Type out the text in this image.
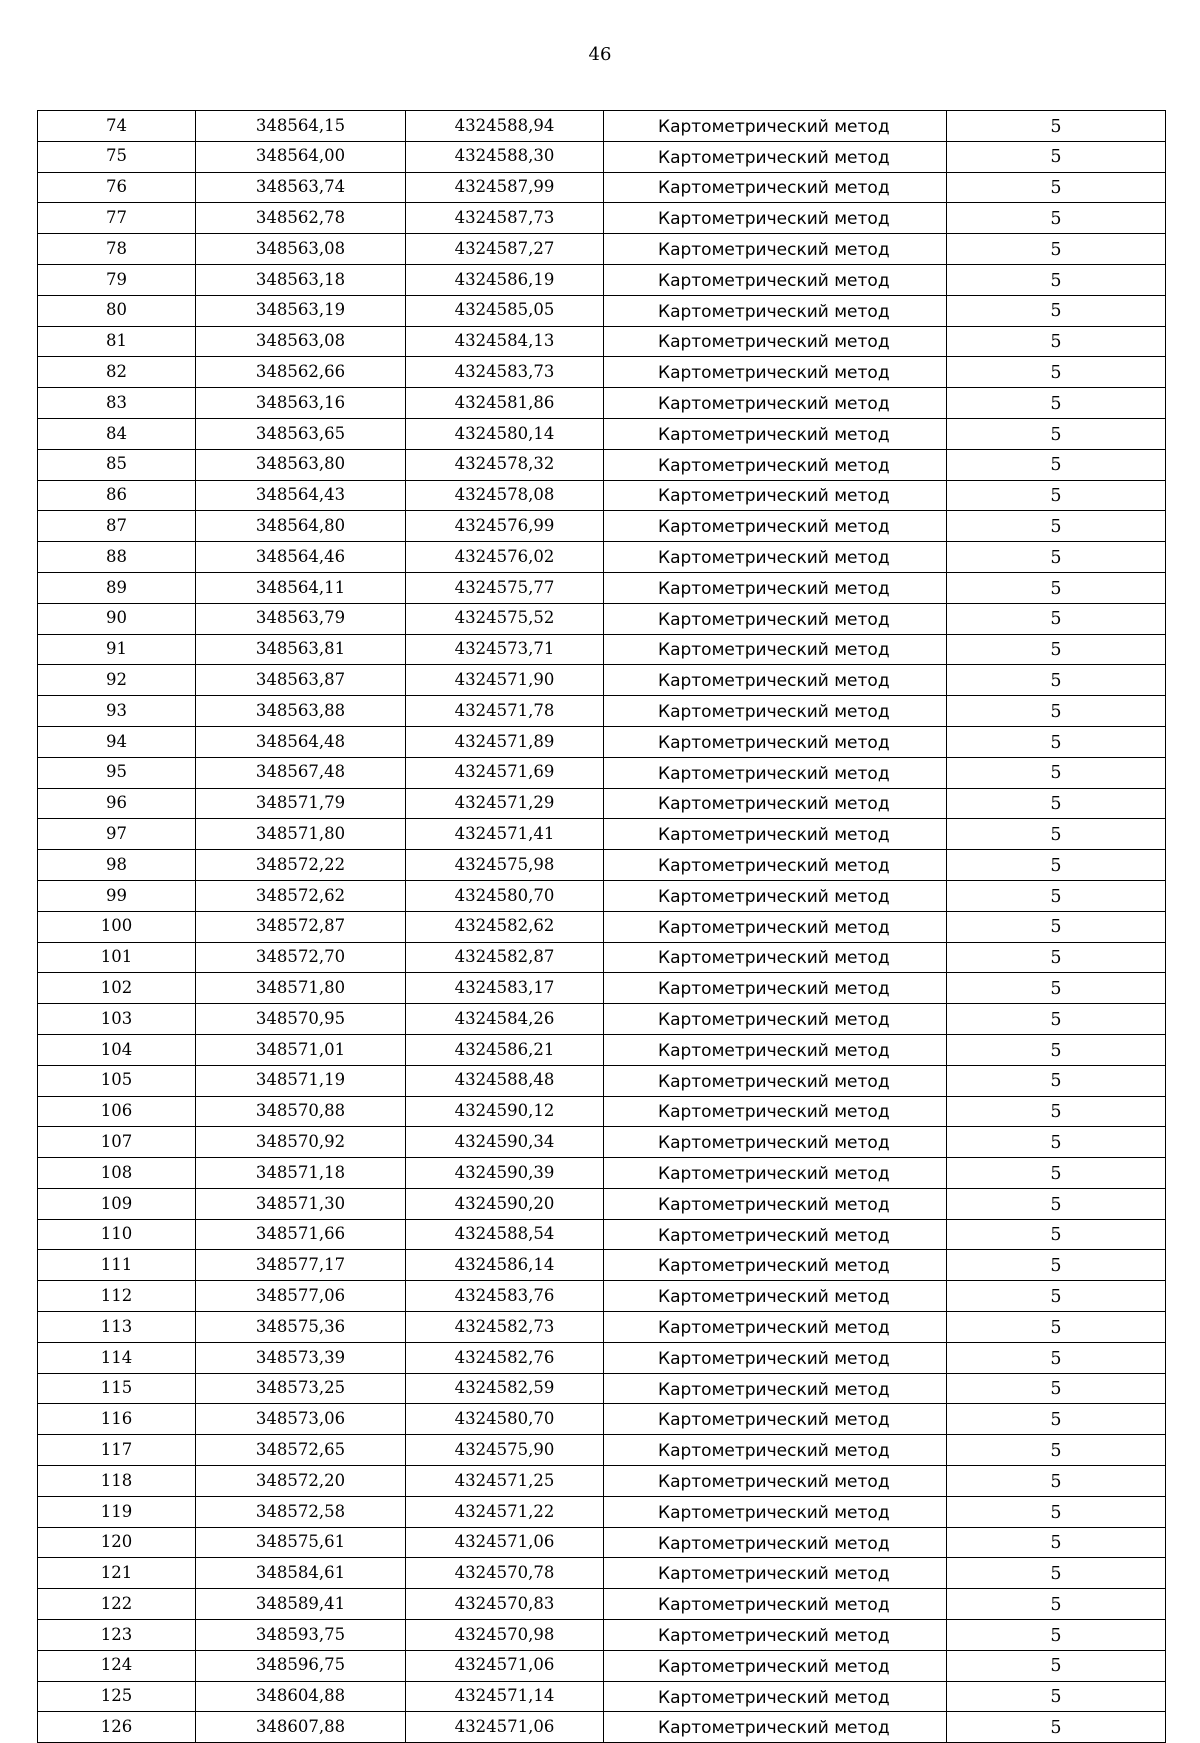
46
74	348564,15	4324588,94	Картометрический метод	5
75	348564,00	4324588,30	Картометрический метод	5
76	348563,74	4324587,99	Картометрический метод	5
77	348562,78	4324587,73	Картометрический метод	5
78	348563,08	4324587,27	Картометрический метод	5
79	348563,18	4324586,19	Картометрический метод	5
80	348563,19	4324585,05	Картометрический метод	5
81	348563,08	4324584,13	Картометрический метод	5
82	348562,66	4324583,73	Картометрический метод	5
83	348563,16	4324581,86	Картометрический метод	5
84	348563,65	4324580,14	Картометрический метод	5
85	348563,80	4324578,32	Картометрический метод	5
86	348564,43	4324578,08	Картометрический метод	5
87	348564,80	4324576,99	Картометрический метод	5
88	348564,46	4324576,02	Картометрический метод	5
89	348564,11	4324575,77	Картометрический метод	5
90	348563,79	4324575,52	Картометрический метод	5
91	348563,81	4324573,71	Картометрический метод	5
92	348563,87	4324571,90	Картометрический метод	5
93	348563,88	4324571,78	Картометрический метод	5
94	348564,48	4324571,89	Картометрический метод	5
95	348567,48	4324571,69	Картометрический метод	5
96	348571,79	4324571,29	Картометрический метод	5
97	348571,80	4324571,41	Картометрический метод	5
98	348572,22	4324575,98	Картометрический метод	5
99	348572,62	4324580,70	Картометрический метод	5
100	348572,87	4324582,62	Картометрический метод	5
101	348572,70	4324582,87	Картометрический метод	5
102	348571,80	4324583,17	Картометрический метод	5
103	348570,95	4324584,26	Картометрический метод	5
104	348571,01	4324586,21	Картометрический метод	5
105	348571,19	4324588,48	Картометрический метод	5
106	348570,88	4324590,12	Картометрический метод	5
107	348570,92	4324590,34	Картометрический метод	5
108	348571,18	4324590,39	Картометрический метод	5
109	348571,30	4324590,20	Картометрический метод	5
110	348571,66	4324588,54	Картометрический метод	5
111	348577,17	4324586,14	Картометрический метод	5
112	348577,06	4324583,76	Картометрический метод	5
113	348575,36	4324582,73	Картометрический метод	5
114	348573,39	4324582,76	Картометрический метод	5
115	348573,25	4324582,59	Картометрический метод	5
116	348573,06	4324580,70	Картометрический метод	5
117	348572,65	4324575,90	Картометрический метод	5
118	348572,20	4324571,25	Картометрический метод	5
119	348572,58	4324571,22	Картометрический метод	5
120	348575,61	4324571,06	Картометрический метод	5
121	348584,61	4324570,78	Картометрический метод	5
122	348589,41	4324570,83	Картометрический метод	5
123	348593,75	4324570,98	Картометрический метод	5
124	348596,75	4324571,06	Картометрический метод	5
125	348604,88	4324571,14	Картометрический метод	5
126	348607,88	4324571,06	Картометрический метод	5
